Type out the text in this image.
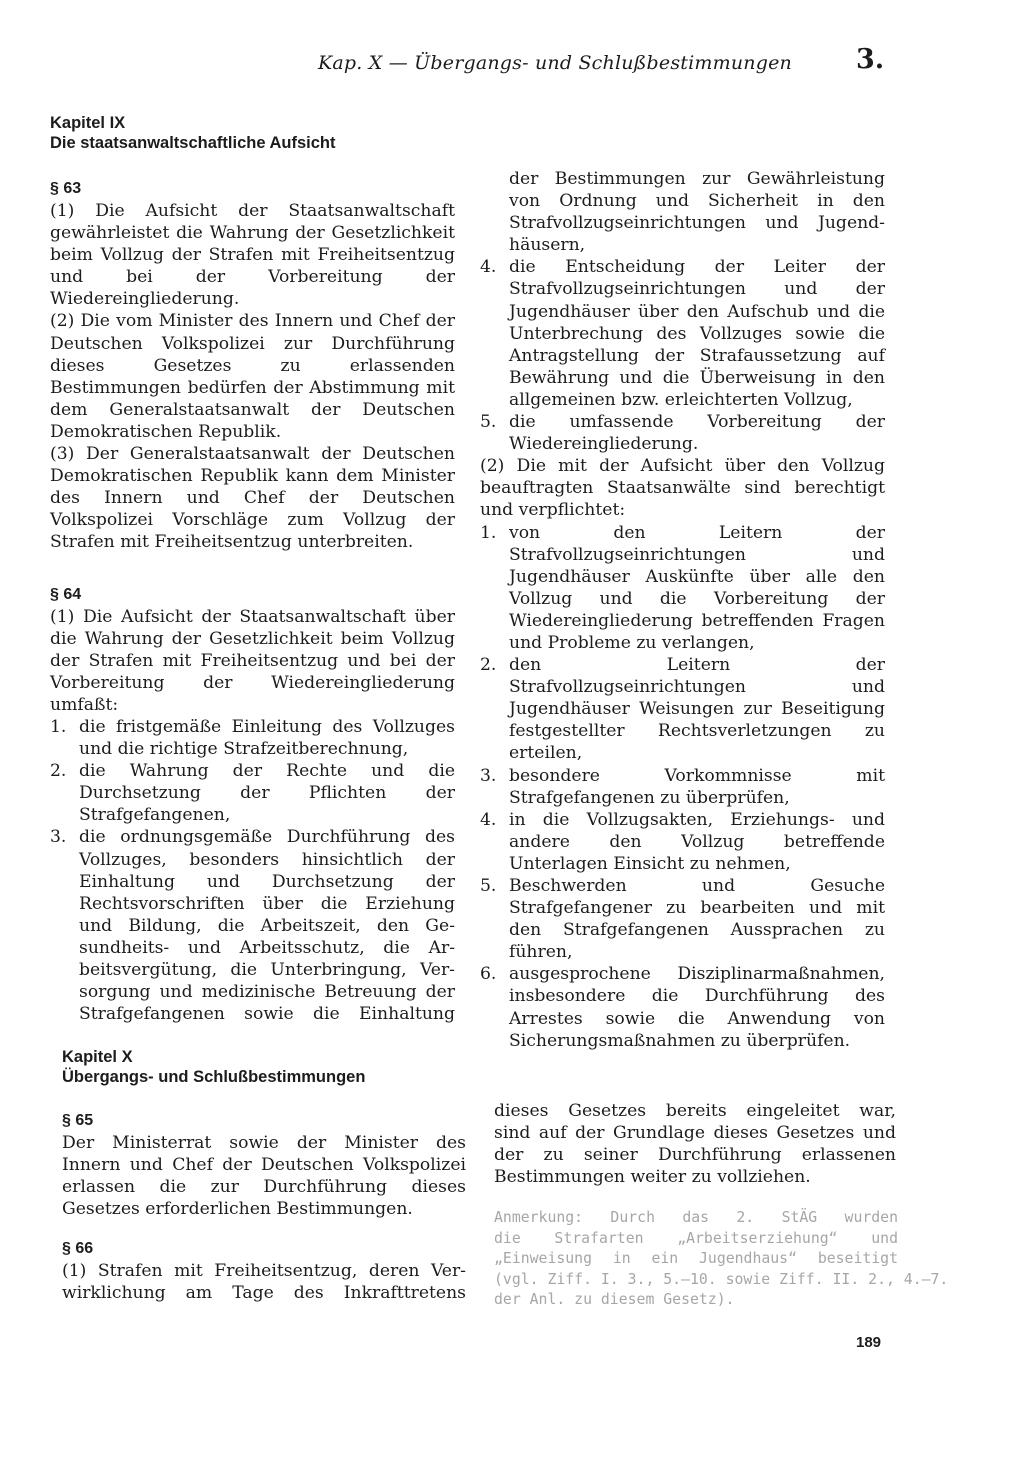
Kap. X — Übergangs- und Schlußbestimmungen 3.
Kapitel IX
Die staatsanwaltschaftliche Aufsicht
§ 63

(1) Die Aufsicht der Staatsanwaltschaft gewährleistet die Wahrung der Gesetzlichkeit beim Vollzug der Strafen mit Freiheitsentzug und bei der Vorbereitung der Wiedereingliederung.

(2) Die vom Minister des Innern und Chef der Deutschen Volkspolizei zur Durchführung dieses Gesetzes zu erlassenden Bestimmungen bedürfen der Abstimmung mit dem Generalstaatsanwalt der Deutschen Demokratischen Republik.

(3) Der Generalstaatsanwalt der Deutschen Demokratischen Republik kann dem Minister des Innern und Chef der Deutschen Volkspolizei Vorschläge zum Vollzug der Strafen mit Freiheitsentzug unterbreiten.

§ 64

(1) Die Aufsicht der Staatsanwaltschaft über die Wahrung der Gesetzlichkeit beim Vollzug der Strafen mit Freiheitsentzug und bei der Vorbereitung der Wiedereingliederung umfaßt:

1. die fristgemäße Einleitung des Vollzuges und die richtige Strafzeitberechnung,
2. die Wahrung der Rechte und die Durchsetzung der Pflichten der Strafgefangenen,
3. die ordnungsgemäße Durchführung des
Vollzuges, besonders hinsichtlich der
Einhaltung und Durchsetzung der
Rechtsvorschriften über die Erziehung
und Bildung, die Arbeitszeit, den Ge-
sundheits- und Arbeitsschutz, die Ar-
beitsvergütung, die Unterbringung, Ver-
sorgung und medizinische Betreuung der
Strafgefangenen sowie die Einhaltung
der Bestimmungen zur Gewährleistung
von Ordnung und Sicherheit in den
Strafvollzugseinrichtungen und Jugend-
häusern,
4. die Entscheidung der Leiter der Strafvollzugseinrichtungen und der Jugendhäuser über den Aufschub und die Unterbrechung des Vollzuges sowie die Antragstellung der Strafaussetzung auf Bewährung und die Überweisung in den allgemeinen bzw. erleichterten Vollzug,
5. die umfassende Vorbereitung der Wiedereingliederung.

(2) Die mit der Aufsicht über den Vollzug beauftragten Staatsanwälte sind berechtigt und verpflichtet:

1. von den Leitern der Strafvollzugseinrichtungen und Jugendhäuser Auskünfte über alle den Vollzug und die Vorbereitung der Wiedereingliederung betreffenden Fragen und Probleme zu verlangen,
2. den Leitern der Strafvollzugseinrichtungen und Jugendhäuser Weisungen zur Beseitigung festgestellter Rechtsverletzungen zu erteilen,
3. besondere Vorkommnisse mit Strafgefangenen zu überprüfen,
4. in die Vollzugsakten, Erziehungs- und andere den Vollzug betreffende Unterlagen Einsicht zu nehmen,
5. Beschwerden und Gesuche Strafgefangener zu bearbeiten und mit den Strafgefangenen Aussprachen zu führen,
6. ausgesprochene Disziplinarmaßnahmen, insbesondere die Durchführung des Arrestes sowie die Anwendung von Sicherungsmaßnahmen zu überprüfen.
Kapitel X
Übergangs- und Schlußbestimmungen
§ 65

Der Ministerrat sowie der Minister des Innern und Chef der Deutschen Volkspolizei erlassen die zur Durchführung dieses Gesetzes erforderlichen Bestimmungen.

§ 66
(1) Strafen mit Freiheitsentzug, deren Ver-
wirklichung am Tage des Inkrafttretens
dieses Gesetzes bereits eingeleitet war,
sind auf der Grundlage dieses Gesetzes und
der zu seiner Durchführung erlassenen
Bestimmungen weiter zu vollziehen.
Anmerkung: Durch das 2. StÄG wurden
die Strafarten „Arbeitserziehung“ und
„Einweisung in ein Jugendhaus“ beseitigt
(vgl. Ziff. I. 3., 5.—10. sowie Ziff. II. 2., 4.—7.
der Anl. zu diesem Gesetz).
189
